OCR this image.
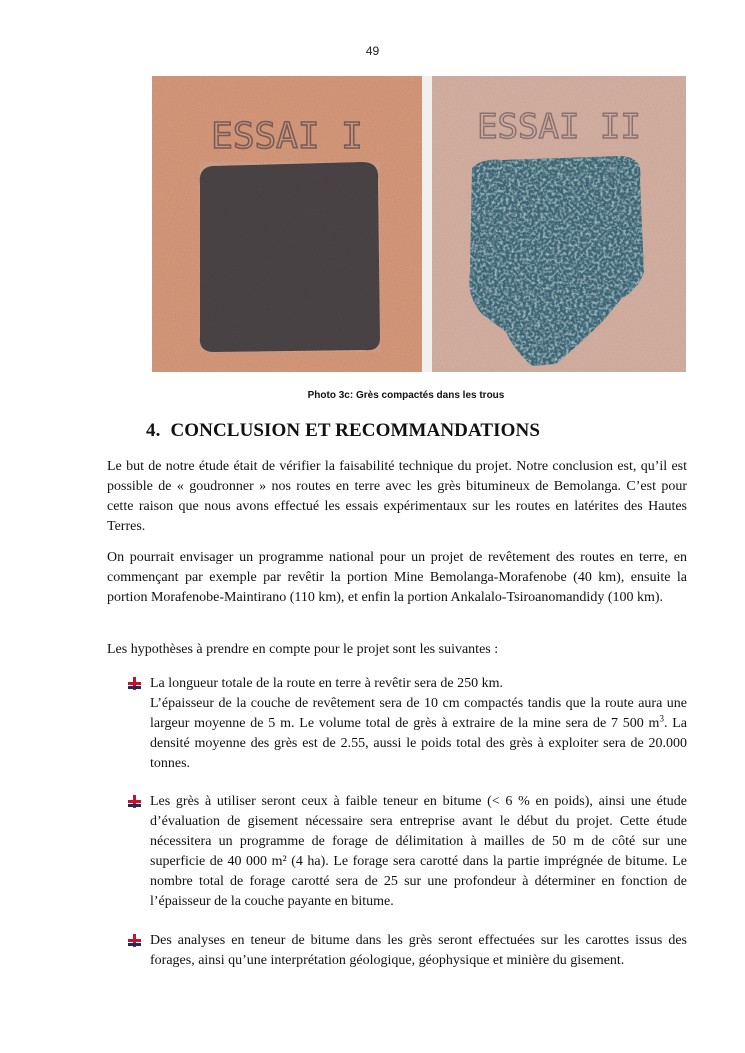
49
ESSAI I	ESSAI II
Photo 3c: Grès compactés dans les trous
4. CONCLUSION ET RECOMMANDATIONS
Le but de notre étude était de vérifier la faisabilité technique du projet. Notre conclusion est, qu’il est possible de « goudronner » nos routes en terre avec les grès bitumineux de Bemolanga. C’est pour cette raison que nous avons effectué les essais expérimentaux sur les routes en latérites des Hautes Terres.
On pourrait envisager un programme national pour un projet de revêtement des routes en terre, en commençant par exemple par revêtir la portion Mine Bemolanga-Morafenobe (40 km), ensuite la portion Morafenobe-Maintirano (110 km), et enfin la portion Ankalalo-Tsiroanomandidy (100 km).
Les hypothèses à prendre en compte pour le projet sont les suivantes :
La longueur totale de la route en terre à revêtir sera de 250 km.
L’épaisseur de la couche de revêtement sera de 10 cm compactés tandis que la route aura une largeur moyenne de 5 m. Le volume total de grès à extraire de la mine sera de 7 500 $m^3$. La densité moyenne des grès est de 2.55, aussi le poids total des grès à exploiter sera de 20.000 tonnes.
Les grès à utiliser seront ceux à faible teneur en bitume (< 6 % en poids), ainsi une étude d’évaluation de gisement nécessaire sera entreprise avant le début du projet. Cette étude nécessitera un programme de forage de délimitation à mailles de 50 m de côté sur une superficie de 40 000 m² (4 ha). Le forage sera carotté dans la partie imprégnée de bitume. Le nombre total de forage carotté sera de 25 sur une profondeur à déterminer en fonction de l’épaisseur de la couche payante en bitume.
Des analyses en teneur de bitume dans les grès seront effectuées sur les carottes issus des forages, ainsi qu’une interprétation géologique, géophysique et minière du gisement.
